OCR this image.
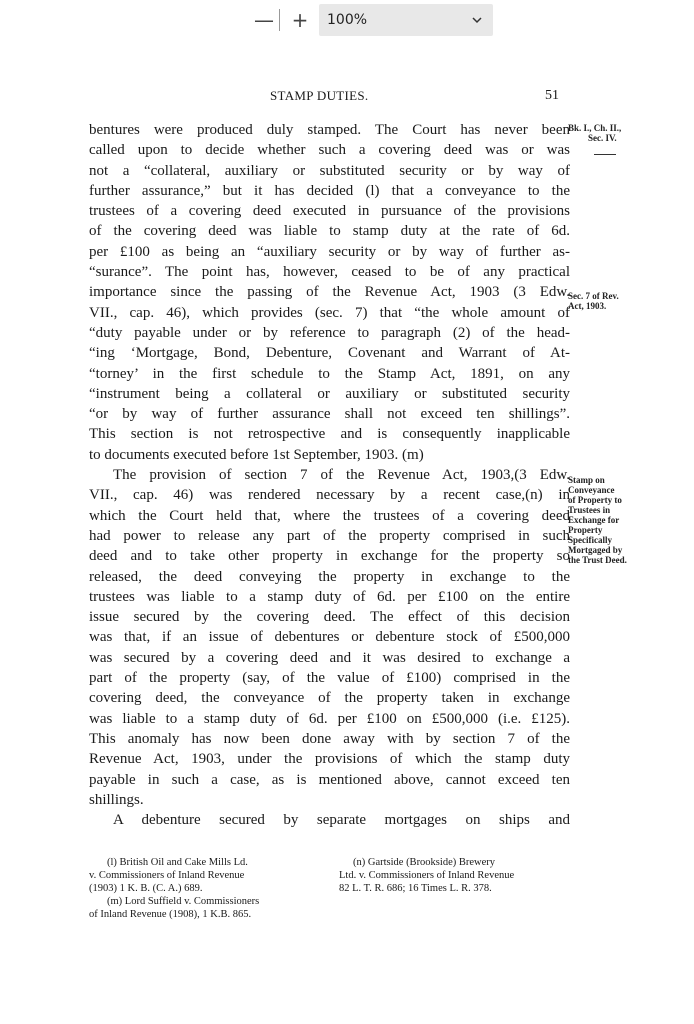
— +	100%
STAMP DUTIES.	51
bentures were produced duly stamped. The Court has never been
called upon to decide whether such a covering deed was or was
not a “collateral, auxiliary or substituted security or by way of
further assurance,” but it has decided (l) that a conveyance to the
trustees of a covering deed executed in pursuance of the provisions
of the covering deed was liable to stamp duty at the rate of 6d.
per £100 as being an “auxiliary security or by way of further as-
“surance”. The point has, however, ceased to be of any practical
importance since the passing of the Revenue Act, 1903 (3 Edw.
VII., cap. 46), which provides (sec. 7) that “the whole amount of
“duty payable under or by reference to paragraph (2) of the head-
“ing ‘Mortgage, Bond, Debenture, Covenant and Warrant of At-
“torney’ in the first schedule to the Stamp Act, 1891, on any
“instrument being a collateral or auxiliary or substituted security
“or by way of further assurance shall not exceed ten shillings”.
This section is not retrospective and is consequently inapplicable
to documents executed before 1st September, 1903. (m)
The provision of section 7 of the Revenue Act, 1903,(3 Edw.
VII., cap. 46) was rendered necessary by a recent case,(n) in
which the Court held that, where the trustees of a covering deed
had power to release any part of the property comprised in such
deed and to take other property in exchange for the property so
released, the deed conveying the property in exchange to the
trustees was liable to a stamp duty of 6d. per £100 on the entire
issue secured by the covering deed. The effect of this decision
was that, if an issue of debentures or debenture stock of £500,000
was secured by a covering deed and it was desired to exchange a
part of the property (say, of the value of £100) comprised in the
covering deed, the conveyance of the property taken in exchange
was liable to a stamp duty of 6d. per £100 on £500,000 (i.e. £125).
This anomaly has now been done away with by section 7 of the
Revenue Act, 1903, under the provisions of which the stamp duty
payable in such a case, as is mentioned above, cannot exceed ten
shillings.
A debenture secured by separate mortgages on ships and
Bk. I., Ch. II.,
Sec. IV.
Sec. 7 of Rev.
Act, 1903.
Stamp on
Conveyance
of Property to
Trustees in
Exchange for
Property
Specifically
Mortgaged by
the Trust Deed.
(l) British Oil and Cake Mills Ld.
v. Commissioners of Inland Revenue
(1903) 1 K. B. (C. A.) 689.
(m) Lord Suffield v. Commissioners
of Inland Revenue (1908), 1 K.B. 865.
(n) Gartside (Brookside) Brewery
Ltd. v. Commissioners of Inland Revenue
82 L. T. R. 686; 16 Times L. R. 378.
